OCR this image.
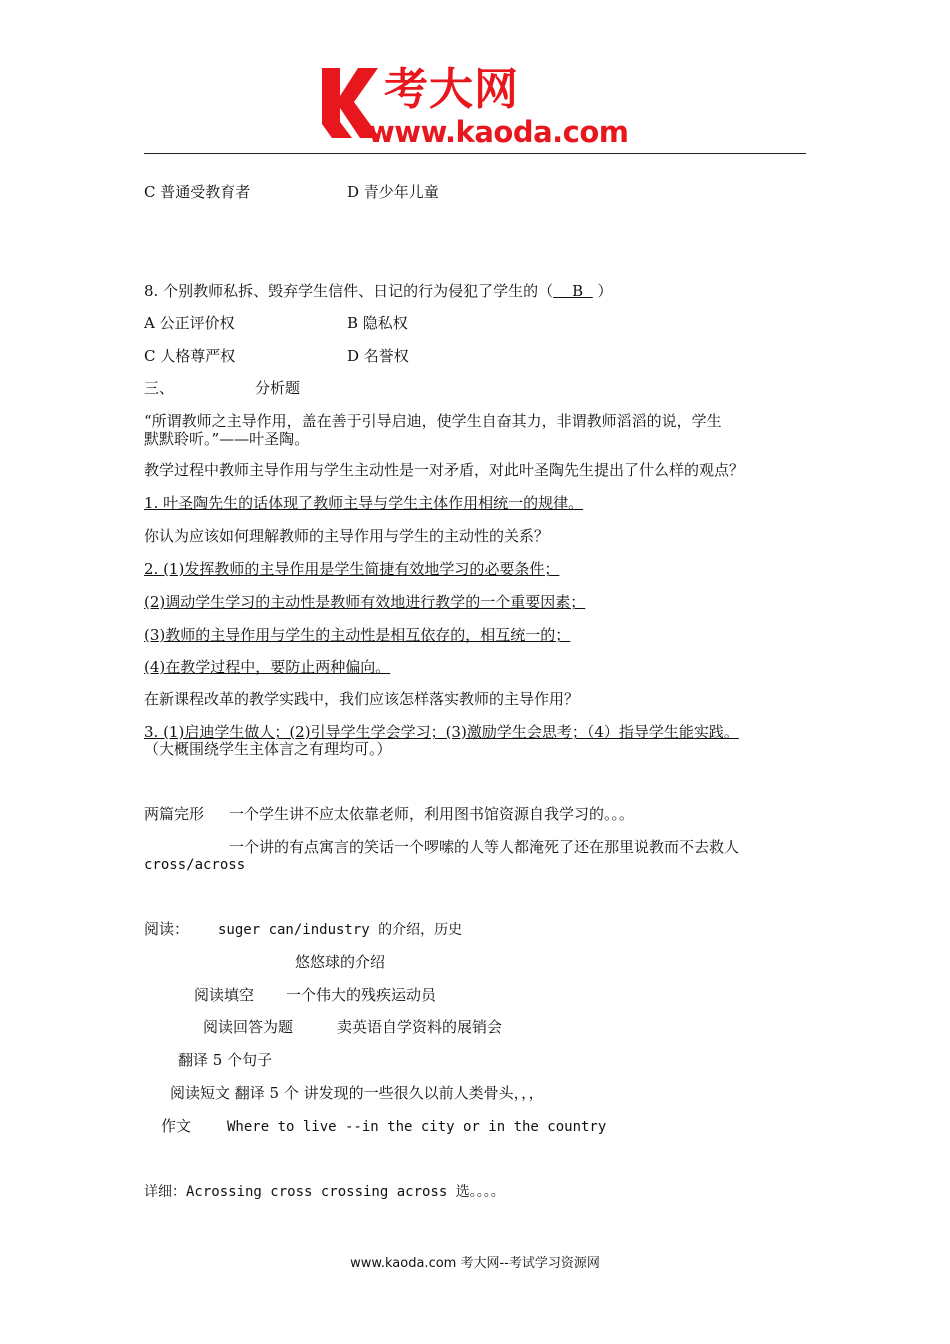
考大网
www.kaoda.com
C 普通受教育者	D 青少年儿童
8. 个别教师私拆、毁弃学生信件、日记的行为侵犯了学生的（ B ）
A 公正评价权	B 隐私权
C 人格尊严权	D 名誉权
三、	分析题
“所谓教师之主导作用，盖在善于引导启迪，使学生自奋其力，非谓教师滔滔的说，学生
默默聆听。”——叶圣陶。
教学过程中教师主导作用与学生主动性是一对矛盾，对此叶圣陶先生提出了什么样的观点？
1. 叶圣陶先生的话体现了教师主导与学生主体作用相统一的规律。
你认为应该如何理解教师的主导作用与学生的主动性的关系？
2. (1)发挥教师的主导作用是学生简捷有效地学习的必要条件；
(2)调动学生学习的主动性是教师有效地进行教学的一个重要因素；
(3)教师的主导作用与学生的主动性是相互依存的，相互统一的；
(4)在教学过程中，要防止两种偏向。
在新课程改革的教学实践中，我们应该怎样落实教师的主导作用？
3. (1)启迪学生做人；(2)引导学生学会学习；(3)激励学生会思考；（4）指导学生能实践。
（大概围绕学生主体言之有理均可。）
两篇完形 一个学生讲不应太依靠老师，利用图书馆资源自我学习的。。。
一个讲的有点寓言的笑话一个啰嗦的人等人都淹死了还在那里说教而不去救人
cross/across
阅读： suger can/industry 的介绍，历史
悠悠球的介绍
阅读填空 一个伟大的残疾运动员
阅读回答为题	卖英语自学资料的展销会
翻译 5 个句子
阅读短文 翻译 5 个 讲发现的一些很久以前人类骨头，，，
作文	Where to live --in the city or in the country
详细：Acrossing cross crossing across 选。。。。
www.kaoda.com 考大网--考试学习资源网
